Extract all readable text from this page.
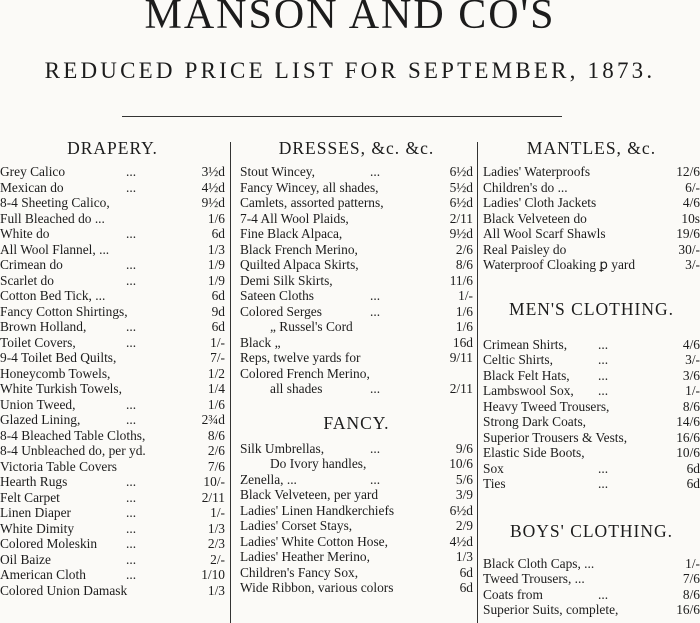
MANSON AND CO'S
REDUCED PRICE LIST FOR SEPTEMBER, 1873.
DRAPERY.
Grey Calico	...	3½d
Mexican do	...	4½d
8-4 Sheeting Calico,	9½d
Full Bleached do ...	1/6
White do	...	6d
All Wool Flannel, ...	1/3
Crimean do	...	1/9
Scarlet do	...	1/9
Cotton Bed Tick, ...	6d
Fancy Cotton Shirtings,	9d
Brown Holland,	...	6d
Toilet Covers,	...	1/-
9-4 Toilet Bed Quilts,	7/-
Honeycomb Towels,	1/2
White Turkish Towels,	1/4
Union Tweed,	...	1/6
Glazed Lining,	...	2¾d
8-4 Bleached Table Cloths,	8/6
8-4 Unbleached do, per yd.	2/6
Victoria Table Covers	7/6
Hearth Rugs	...	10/-
Felt Carpet	...	2/11
Linen Diaper	...	1/-
White Dimity	...	1/3
Colored Moleskin ...	2/3
Oil Baize	...	2/-
American Cloth	...	1/10
Colored Union Damask	1/3
DRESSES, &c. &c.
Stout Wincey,	...	6½d
Fancy Wincey, all shades,	5½d
Camlets, assorted patterns,	6½d
7-4 All Wool Plaids,	2/11
Fine Black Alpaca,	9½d
Black French Merino,	2/6
Quilted Alpaca Skirts,	8/6
Demi Silk Skirts,	11/6
Sateen Cloths	...	1/-
Colored Serges	...	1/6
„ Russel's Cord	1/6
Black „	16d
Reps, twelve yards for	9/11
Colored French Merino,
all shades	...	2/11
FANCY.
Silk Umbrellas,	...	9/6
Do Ivory handles,	10/6
Zenella, ...	...	5/6
Black Velveteen, per yard	3/9
Ladies' Linen Handkerchiefs	6½d
Ladies' Corset Stays,	2/9
Ladies' White Cotton Hose,	4½d
Ladies' Heather Merino,	1/3
Children's Fancy Sox,	6d
Wide Ribbon, various colors	6d
MANTLES, &c.
Ladies' Waterproofs	12/6
Children's do ...	6/-
Ladies' Cloth Jackets	4/6
Black Velveteen do	10s
All Wool Scarf Shawls	19/6
Real Paisley do	30/-
Waterproof Cloaking ꝑ yard	3/-
MEN'S CLOTHING.
Crimean Shirts, ...	4/6
Celtic Shirts,	...	3/-
Black Felt Hats, ...	3/6
Lambswool Sox, ...	1/-
Heavy Tweed Trousers,	8/6
Strong Dark Coats,	14/6
Superior Trousers & Vests,	16/6
Elastic Side Boots,	10/6
Sox	...	6d
Ties	...	6d
BOYS' CLOTHING.
Black Cloth Caps, ...	1/-
Tweed Trousers, ...	7/6
Coats from	...	8/6
Superior Suits, complete,	16/6
